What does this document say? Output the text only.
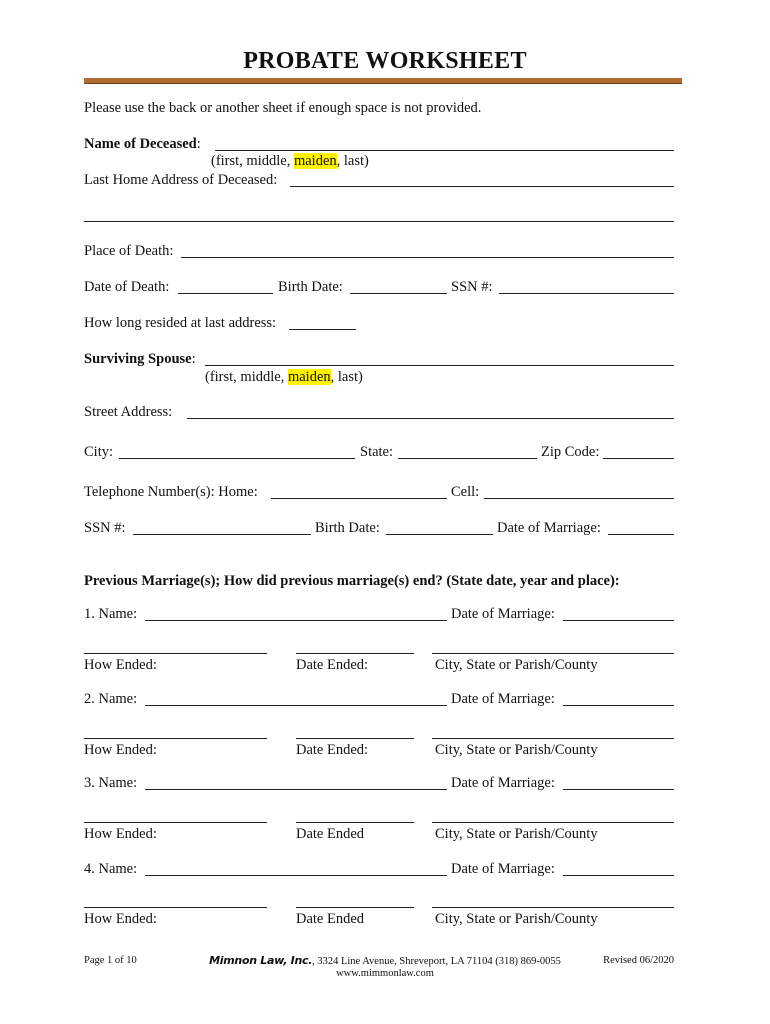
PROBATE WORKSHEET
Please use the back or another sheet if enough space is not provided.
Name of Deceased:
(first, middle, maiden, last)
Last Home Address of Deceased:
Place of Death:
Date of Death:	Birth Date:	SSN #:
How long resided at last address:
Surviving Spouse:
(first, middle, maiden, last)
Street Address:
City:	State:	Zip Code:
Telephone Number(s): Home:	Cell:
SSN #:	Birth Date:	Date of Marriage:
Previous Marriage(s); How did previous marriage(s) end? (State date, year and place):
1. Name:	Date of Marriage:
How Ended:	Date Ended:	City, State or Parish/County
2. Name:	Date of Marriage:
How Ended:	Date Ended:	City, State or Parish/County
3. Name:	Date of Marriage:
How Ended:	Date Ended	City, State or Parish/County
4. Name:	Date of Marriage:
How Ended:	Date Ended	City, State or Parish/County
Page 1 of 10	Mimnon Law, Inc., 3324 Line Avenue, Shreveport, LA 71104 (318) 869-0055
www.mimmonlaw.com
Revised 06/2020
